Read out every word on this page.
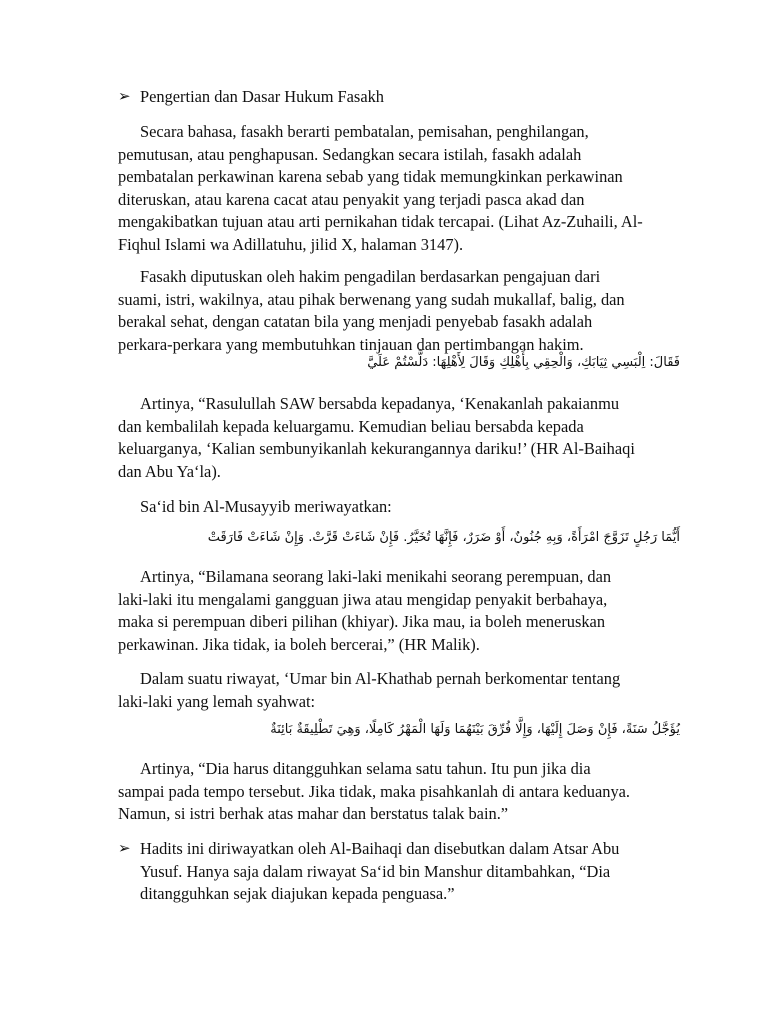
➢ Pengertian dan Dasar Hukum Fasakh
Secara bahasa, fasakh berarti pembatalan, pemisahan, penghilangan,
pemutusan, atau penghapusan. Sedangkan secara istilah, fasakh adalah
pembatalan perkawinan karena sebab yang tidak memungkinkan perkawinan
diteruskan, atau karena cacat atau penyakit yang terjadi pasca akad dan
mengakibatkan tujuan atau arti pernikahan tidak tercapai. (Lihat Az-Zuhaili, Al-
Fiqhul Islami wa Adillatuhu, jilid X, halaman 3147).
Fasakh diputuskan oleh hakim pengadilan berdasarkan pengajuan dari
suami, istri, wakilnya, atau pihak berwenang yang sudah mukallaf, balig, dan
berakal sehat, dengan catatan bila yang menjadi penyebab fasakh adalah
perkara-perkara yang membutuhkan tinjauan dan pertimbangan hakim.
فَقَالَ: اِلْبَسِي ثِيَابَكِ، وَالْحِقِي بِأَهْلِكِ وَقَالَ لِأَهْلِهَا: دَلَّسْتُمْ عَلَيَّ
Artinya, “Rasulullah SAW bersabda kepadanya, ‘Kenakanlah pakaianmu
dan kembalilah kepada keluargamu. Kemudian beliau bersabda kepada
keluarganya, ‘Kalian sembunyikanlah kekurangannya dariku!’ (HR Al-Baihaqi
dan Abu Ya‘la).
Sa‘id bin Al-Musayyib meriwayatkan:
أَيُّمَا رَجُلٍ تَزَوَّجَ امْرَأَةً، وَبِهِ جُنُونٌ، أَوْ ضَرَرٌ، فَإِنَّهَا تُخَيَّرُ. فَإِنْ شَاءَتْ قَرَّتْ. وَإِنْ شَاءَتْ فَارَقَتْ
Artinya, “Bilamana seorang laki-laki menikahi seorang perempuan, dan
laki-laki itu mengalami gangguan jiwa atau mengidap penyakit berbahaya,
maka si perempuan diberi pilihan (khiyar). Jika mau, ia boleh meneruskan
perkawinan. Jika tidak, ia boleh bercerai,” (HR Malik).
Dalam suatu riwayat, ‘Umar bin Al-Khathab pernah berkomentar tentang
laki-laki yang lemah syahwat:
يُؤَجَّلُ سَنَةً، فَإِنْ وَصَلَ إِلَيْهَا، وَإِلَّا فُرِّقَ بَيْنَهُمَا وَلَهَا الْمَهْرُ كَامِلًا، وَهِيَ تَطْلِيقَةٌ بَائِنَةٌ
Artinya, “Dia harus ditangguhkan selama satu tahun. Itu pun jika dia
sampai pada tempo tersebut. Jika tidak, maka pisahkanlah di antara keduanya.
Namun, si istri berhak atas mahar dan berstatus talak bain.”
➢ Hadits ini diriwayatkan oleh Al-Baihaqi dan disebutkan dalam Atsar Abu
Yusuf. Hanya saja dalam riwayat Sa‘id bin Manshur ditambahkan, “Dia
ditangguhkan sejak diajukan kepada penguasa.”
